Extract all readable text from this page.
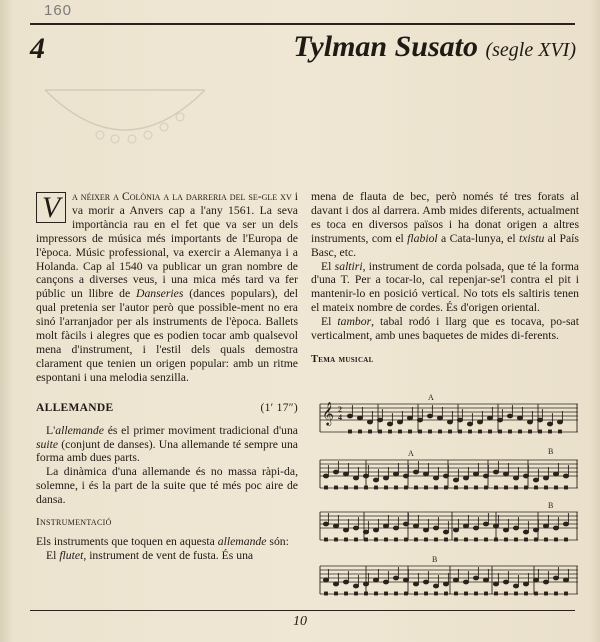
160
4	Tylman Susato (segle XVI)

V	a néixer a Colònia a la darreria del se-gle xv i va morir a Anvers cap a l'any 1561. La seva importància rau en el fet que va ser un dels impressors de música més importants de l'Europa de l'època. Músic professional, va exercir a Alemanya i a Holanda. Cap al 1540 va publicar un gran nombre de cançons a diverses veus, i una mica més tard va fer públic un llibre de Danseries (dances populars), del qual pretenia ser l'autor però que possible-ment no era sinó l'arranjador per als instruments de l'època. Ballets molt fàcils i alegres que es podien tocar amb qualsevol mena d'instrument, i l'estil dels quals demostra clarament que tenien un origen popular: amb un ritme espontani i una melodia senzilla.

ALLEMANDE	(1′ 17″)

L'allemande és el primer moviment tradicional d'una suite (conjunt de danses). Una allemande té sempre una forma amb dues parts.

La dinàmica d'una allemande és no massa ràpi-da, solemne, i és la part de la suite que té més poc aire de dansa.

Instrumentació

Els instruments que toquen en aquesta allemande són:

El flutet, instrument de vent de fusta. És una

mena de flauta de bec, però només té tres forats al davant i dos al darrera. Amb mides diferents, actualment es toca en diversos països i ha donat origen a altres instruments, com el flabiol a Cata-lunya, el txistu al País Basc, etc.

El saltiri, instrument de corda polsada, que té la forma d'una T. Per a tocar-lo, cal repenjar-se'l contra el pit i mantenir-lo en posició vertical. No tots els saltiris tenen el mateix nombre de cordes. És d'origen oriental.

El tambor, tabal rodó i llarg que es tocava, po-sat verticalment, amb unes baquetes de mides di-ferents.

Tema musical

𝄞 2
4
A
A	B
B
B
10
